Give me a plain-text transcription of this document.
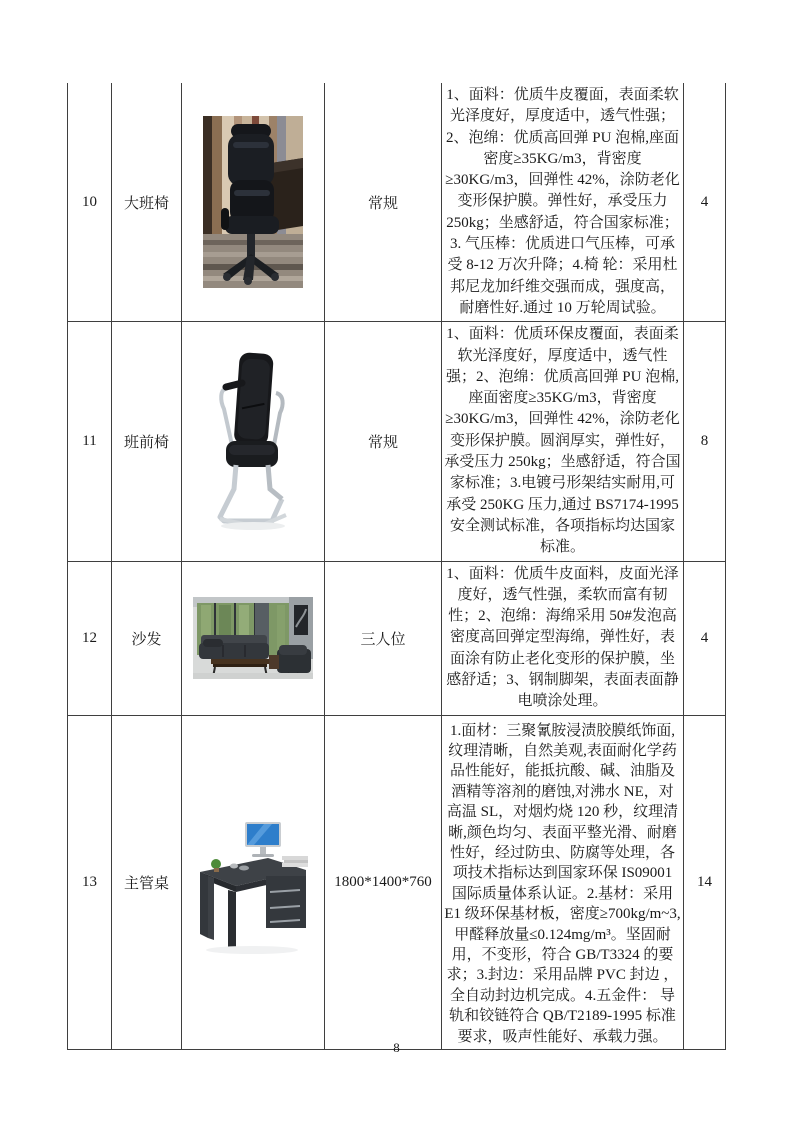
10	大班椅		常规	1、面料：优质牛皮覆面，表面柔软光泽度好，厚度适中，透气性强；2、泡绵：优质高回弹 PU 泡棉,座面密度≥35KG/m3，背密度≥30KG/m3，回弹性 42%，涂防老化变形保护膜。弹性好，承受压力 250kg；坐感舒适，符合国家标准；3. 气压棒：优质进口气压棒，可承受 8-12 万次升降；4.椅 轮：采用杜邦尼龙加纤维交强而成，强度高，耐磨性好.通过 10 万轮周试验。	4
11	班前椅		常规	1、面料：优质环保皮覆面，表面柔软光泽度好，厚度适中，透气性强；2、泡绵：优质高回弹 PU 泡棉,座面密度≥35KG/m3，背密度≥30KG/m3，回弹性 42%，涂防老化变形保护膜。圆润厚实，弹性好，承受压力 250kg；坐感舒适，符合国家标准；3.电镀弓形架结实耐用,可承受 250KG 压力,通过 BS7174-1995 安全测试标准，各项指标均达国家标准。	8
12	沙发		三人位	1、面料：优质牛皮面料，皮面光泽度好，透气性强，柔软而富有韧性；2、泡绵：海绵采用 50#发泡高密度高回弹定型海绵，弹性好，表面涂有防止老化变形的保护膜，坐感舒适；3、钢制脚架，表面表面静电喷涂处理。	4
13	主管桌		1800*1400*760	1.面材：三聚氰胺浸渍胶膜纸饰面,纹理清晰，自然美观,表面耐化学药品性能好，能抵抗酸、碱、油脂及酒精等溶剂的磨蚀,对沸水 NE，对高温 SL，对烟灼烧 120 秒，纹理清晰,颜色均匀、表面平整光滑、耐磨性好，经过防虫、防腐等处理，各项技术指标达到国家环保 IS09001 国际质量体系认证。2.基材：采用 E1 级环保基材板，密度≥700kg/m~3,甲醛释放量≤0.124mg/m³。坚固耐用，不变形，符合 GB/T3324 的要求；3.封边：采用品牌 PVC 封边 ，全自动封边机完成。4.五金件： 导轨和铰链符合 QB/T2189-1995 标准要求，吸声性能好、承载力强。	14
8
